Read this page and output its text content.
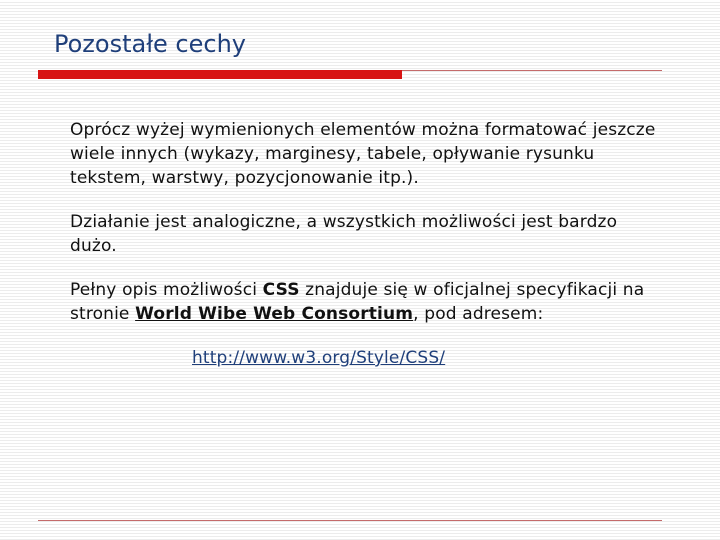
Pozostałe cechy

Oprócz wyżej wymienionych elementów można formatować jeszcze wiele innych (wykazy, marginesy, tabele, opływanie rysunku tekstem, warstwy, pozycjonowanie itp.).

Działanie jest analogiczne, a wszystkich możliwości jest bardzo dużo.

Pełny opis możliwości CSS znajduje się w oficjalnej specyfikacji na stronie World Wibe Web Consortium, pod adresem:

http://www.w3.org/Style/CSS/
